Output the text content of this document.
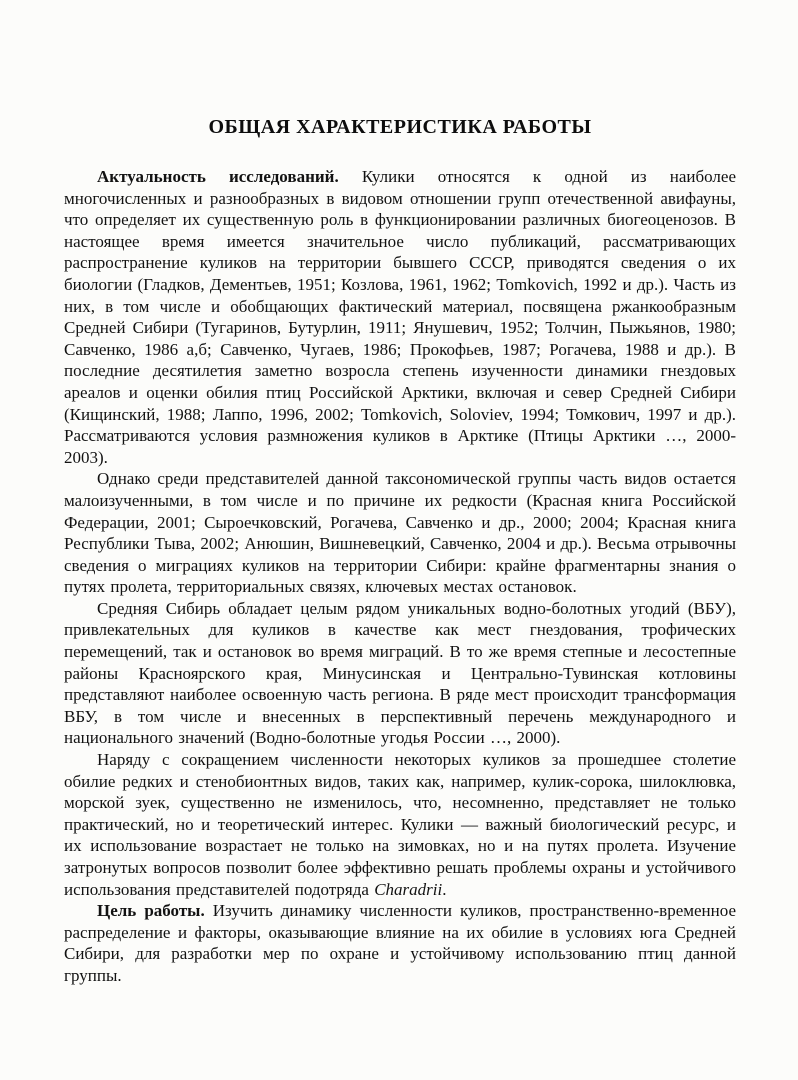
ОБЩАЯ ХАРАКТЕРИСТИКА РАБОТЫ

Актуальность исследований. Кулики относятся к одной из наиболее многочисленных и разнообразных в видовом отношении групп отечественной авифауны, что определяет их существенную роль в функционировании различных биогеоценозов. В настоящее время имеется значительное число публикаций, рассматривающих распространение куликов на территории бывшего СССР, приводятся сведения о их биологии (Гладков, Дементьев, 1951; Козлова, 1961, 1962; Tomkovich, 1992 и др.). Часть из них, в том числе и обобщающих фактический материал, посвящена ржанкообразным Средней Сибири (Тугаринов, Бутурлин, 1911; Янушевич, 1952; Толчин, Пыжьянов, 1980; Савченко, 1986 а,б; Савченко, Чугаев, 1986; Прокофьев, 1987; Рогачева, 1988 и др.). В последние десятилетия заметно возросла степень изученности динамики гнездовых ареалов и оценки обилия птиц Российской Арктики, включая и север Средней Сибири (Кищинский, 1988; Лаппо, 1996, 2002; Tomkovich, Soloviev, 1994; Томкович, 1997 и др.). Рассматриваются условия размножения куликов в Арктике (Птицы Арктики …, 2000-2003).

Однако среди представителей данной таксономической группы часть видов остается малоизученными, в том числе и по причине их редкости (Красная книга Российской Федерации, 2001; Сыроечковский, Рогачева, Савченко и др., 2000; 2004; Красная книга Республики Тыва, 2002; Анюшин, Вишневецкий, Савченко, 2004 и др.). Весьма отрывочны сведения о миграциях куликов на территории Сибири: крайне фрагментарны знания о путях пролета, территориальных связях, ключевых местах остановок.

Средняя Сибирь обладает целым рядом уникальных водно-болотных угодий (ВБУ), привлекательных для куликов в качестве как мест гнездования, трофических перемещений, так и остановок во время миграций. В то же время степные и лесостепные районы Красноярского края, Минусинская и Центрально-Тувинская котловины представляют наиболее освоенную часть региона. В ряде мест происходит трансформация ВБУ, в том числе и внесенных в перспективный перечень международного и национального значений (Водно-болотные угодья России …, 2000).

Наряду с сокращением численности некоторых куликов за прошедшее столетие обилие редких и стенобионтных видов, таких как, например, кулик-сорока, шилоклювка, морской зуек, существенно не изменилось, что, несомненно, представляет не только практический, но и теоретический интерес. Кулики — важный биологический ресурс, и их использование возрастает не только на зимовках, но и на путях пролета. Изучение затронутых вопросов позволит более эффективно решать проблемы охраны и устойчивого использования представителей подотряда Charadrii.

Цель работы. Изучить динамику численности куликов, пространственно-временное распределение и факторы, оказывающие влияние на их обилие в условиях юга Средней Сибири, для разработки мер по охране и устойчивому использованию птиц данной группы.
